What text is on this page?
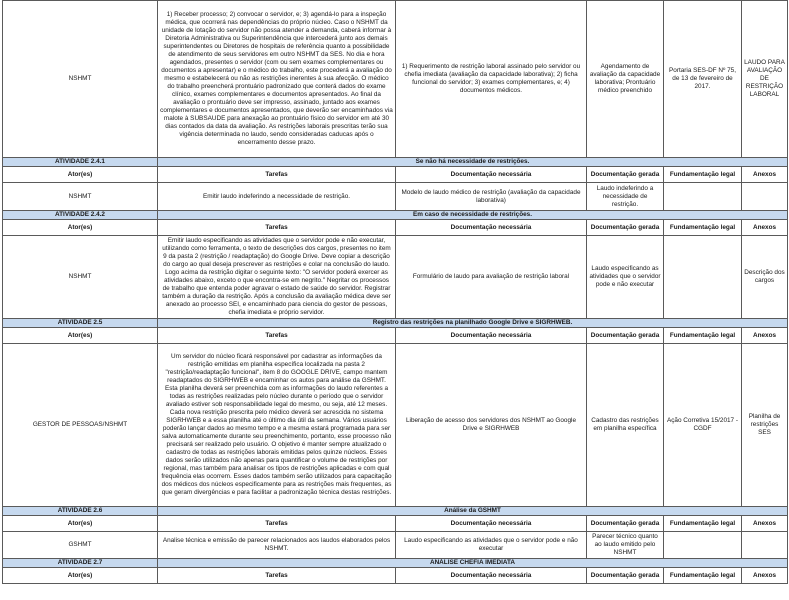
NSHMT	1) Receber processo; 2) convocar o servidor, e; 3) agendá-lo para a inspeção médica, que ocorrerá nas dependências do próprio núcleo. Caso o NSHMT da unidade de lotação do servidor não possa atender a demanda, caberá informar à Diretoria Administrativa ou Superintendência que intercederá junto aos demais superintendentes ou Diretores de hospitais de referência quanto a possibilidade de atendimento de seus servidores em outro NSHMT da SES. No dia e hora agendados, presentes o servidor (com ou sem exames complementares ou documentos a apresentar) e o médico do trabalho, este procederá a avaliação do mesmo e estabelecerá ou não as restrições inerentes à sua afecção. O médico do trabalho preencherá prontuário padronizado que conterá dados do exame clínico, exames complementares e documentos apresentados. Ao final da avaliação o prontuário deve ser impresso, assinado, juntado aos exames complementares e documentos apresentados, que deverão ser encaminhados via malote à SUBSAUDE para anexação ao prontuário físico do servidor em até 30 dias contados da data da avaliação. As restrições laborais prescritas terão sua vigência determinada no laudo, sendo consideradas caducas após o encerramento desse prazo.	1) Requerimento de restrição laboral assinado pelo servidor ou chefia imediata (avaliação da capacidade laborativa); 2) ficha funcional do servidor; 3) exames complementares, e; 4) documentos médicos.	Agendamento de avaliação da capacidade laborativa; Prontuário médico preenchido	Portaria SES-DF Nº 75, de 13 de fevereiro de 2017.	LAUDO PARA AVALIAÇÃO DE RESTRIÇÃO LABORAL
ATIVIDADE 2.4.1	Se não há necessidade de restrições.				
Ator(es)	Tarefas	Documentação necessária	Documentação gerada	Fundamentação legal	Anexos
NSHMT	Emitir laudo indeferindo a necessidade de restrição.	Modelo de laudo médico de restrição (avaliação da capacidade laborativa)	Laudo indeferindo a necessidade de restrição.		
ATIVIDADE 2.4.2	Em caso de necessidade de restrições.				
Ator(es)	Tarefas	Documentação necessária	Documentação gerada	Fundamentação legal	Anexos
NSHMT	Emitir laudo especificando as atividades que o servidor pode e não executar, utilizando como ferramenta, o texto de descrições dos cargos, presentes no item 9 da pasta 2 (restrição / readaptação) do Google Drive. Deve copiar a descrição do cargo ao qual deseja prescrever as restrições e colar na conclusão do laudo. Logo acima da restrição digitar o seguinte texto: "O servidor poderá exercer as atividades abaixo, exceto o que encontra-se em negrito." Negritar os processos de trabalho que entenda poder agravar o estado de saúde do servidor. Registrar também a duração da restrição. Após a conclusão da avaliação médica deve ser anexado ao processo SEI, e encaminhado para ciencia do gestor de pessoas, chefia imediata e próprio servidor.	Formulário de laudo para avaliação de restrição laboral	Laudo especificando as atividades que o servidor pode e não executar		Descrição dos cargos
ATIVIDADE 2.5	Registro das restrições na planilhado Google Drive e SIGRHWEB.				
Ator(es)	Tarefas	Documentação necessária	Documentação gerada	Fundamentação legal	Anexos
GESTOR DE PESSOAS/NSHMT	Um servidor do núcleo ficará responsável por cadastrar as informações da restrição emitidas em planilha específica localizada na pasta 2 "restrição/readaptação funcional", item 8 do GOOGLE DRIVE, campo mantem readaptados do SIGRHWEB e encaminhar os autos para análise da GSHMT. Esta planilha deverá ser preenchida com as informações do laudo referentes a todas as restrições realizadas pelo núcleo durante o período que o servidor avaliado estiver sob responsabilidade legal do mesmo, ou seja, até 12 meses. Cada nova restrição prescrita pelo médico deverá ser acrescida no sistema SIGRHWEB e a essa planilha até o último dia útil da semana. Vários usuários poderão lançar dados ao mesmo tempo e a mesma estará programada para ser salva automaticamente durante seu preenchimento, portanto, esse processo não precisará ser realizado pelo usuário. O objetivo é manter sempre atualizado o cadastro de todas as restrições laborais emitidas pelos quinze núcleos. Esses dados serão utilizados não apenas para quantificar o volume de restrições por regional, mas também para analisar os tipos de restrições aplicadas e com qual frequência elas ocorrem. Esses dados também serão utilizados para capacitação dos médicos dos núcleos especificamente para as restrições mais frequentes, as que geram divergências e para facilitar a padronização técnica destas restrições.	Liberação de acesso dos servidores dos NSHMT ao Google Drive e SIGRHWEB	Cadastro das restrições em planilha específica	Ação Corretiva 15/2017 - CGDF	Planilha de restrições SES
ATIVIDADE 2.6	Análise da GSHMT				
Ator(es)	Tarefas	Documentação necessária	Documentação gerada	Fundamentação legal	Anexos
GSHMT	Analise técnica e emissão de parecer relacionados aos laudos elaborados pelos NSHMT.	Laudo especificando as atividades que o servidor pode e não executar	Parecer técnico quanto ao laudo emitido pelo NSHMT		
ATIVIDADE 2.7	ANÁLISE CHEFIA IMEDIATA				
Ator(es)	Tarefas	Documentação necessária	Documentação gerada	Fundamentação legal	Anexos
